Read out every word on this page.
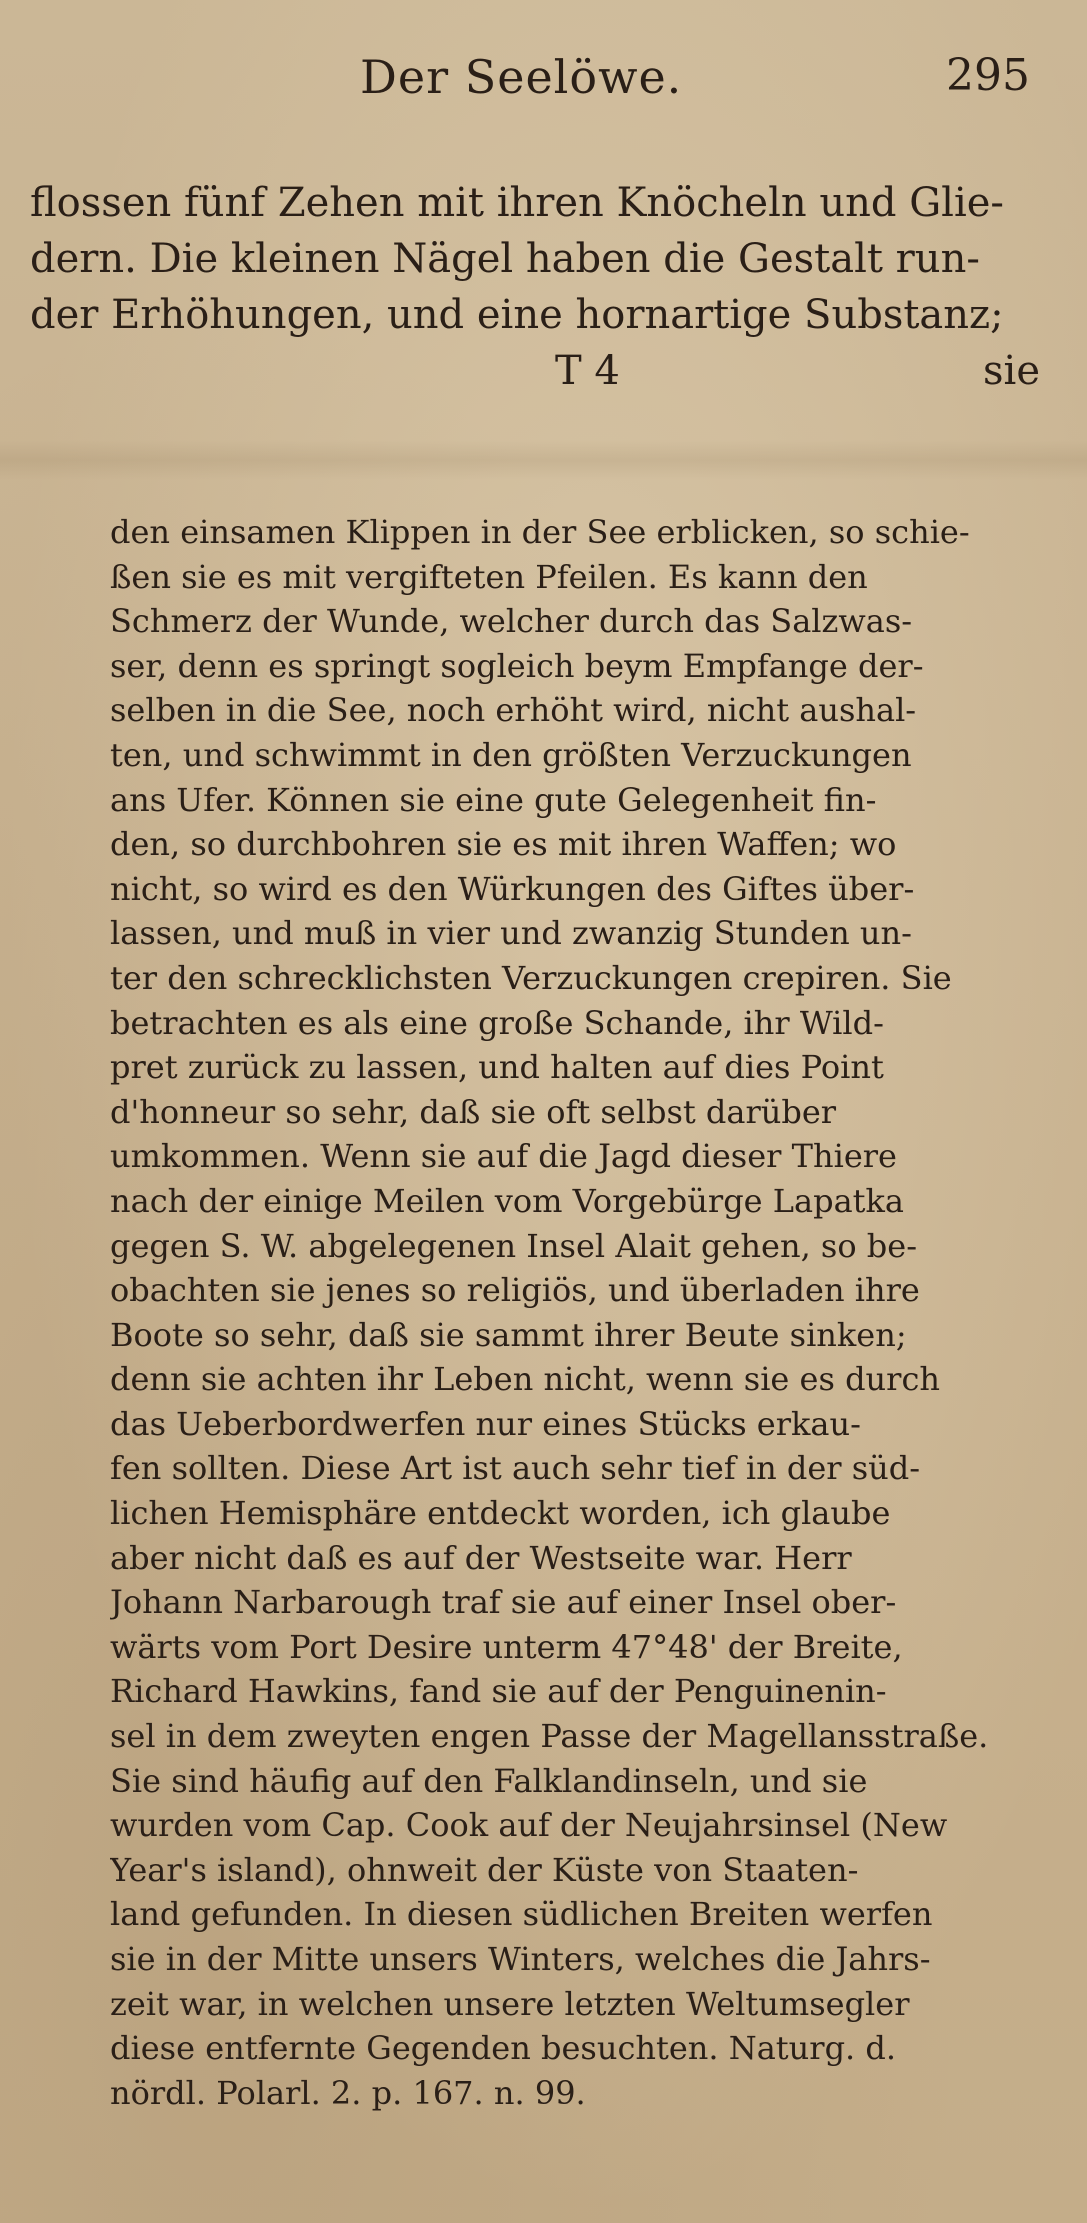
Der Seelöwe.	295
flossen fünf Zehen mit ihren Knöcheln und Glie-
dern. Die kleinen Nägel haben die Gestalt run-
der Erhöhungen, und eine hornartige Substanz;
T 4	sie
den einsamen Klippen in der See erblicken, so schie-
ßen sie es mit vergifteten Pfeilen. Es kann den
Schmerz der Wunde, welcher durch das Salzwas-
ser, denn es springt sogleich beym Empfange der-
selben in die See, noch erhöht wird, nicht aushal-
ten, und schwimmt in den größten Verzuckungen
ans Ufer. Können sie eine gute Gelegenheit fin-
den, so durchbohren sie es mit ihren Waffen; wo
nicht, so wird es den Würkungen des Giftes über-
lassen, und muß in vier und zwanzig Stunden un-
ter den schrecklichsten Verzuckungen crepiren. Sie
betrachten es als eine große Schande, ihr Wild-
pret zurück zu lassen, und halten auf dies Point
d'honneur so sehr, daß sie oft selbst darüber
umkommen. Wenn sie auf die Jagd dieser Thiere
nach der einige Meilen vom Vorgebürge Lapatka
gegen S. W. abgelegenen Insel Alait gehen, so be-
obachten sie jenes so religiös, und überladen ihre
Boote so sehr, daß sie sammt ihrer Beute sinken;
denn sie achten ihr Leben nicht, wenn sie es durch
das Ueberbordwerfen nur eines Stücks erkau-
fen sollten. Diese Art ist auch sehr tief in der süd-
lichen Hemisphäre entdeckt worden, ich glaube
aber nicht daß es auf der Westseite war. Herr
Johann Narbarough traf sie auf einer Insel ober-
wärts vom Port Desire unterm 47°48' der Breite,
Richard Hawkins, fand sie auf der Penguinenin-
sel in dem zweyten engen Passe der Magellansstraße.
Sie sind häufig auf den Falklandinseln, und sie
wurden vom Cap. Cook auf der Neujahrsinsel (New
Year's island), ohnweit der Küste von Staaten-
land gefunden. In diesen südlichen Breiten werfen
sie in der Mitte unsers Winters, welches die Jahrs-
zeit war, in welchen unsere letzten Weltumsegler
diese entfernte Gegenden besuchten. Naturg. d.
nördl. Polarl. 2. p. 167. n. 99.
